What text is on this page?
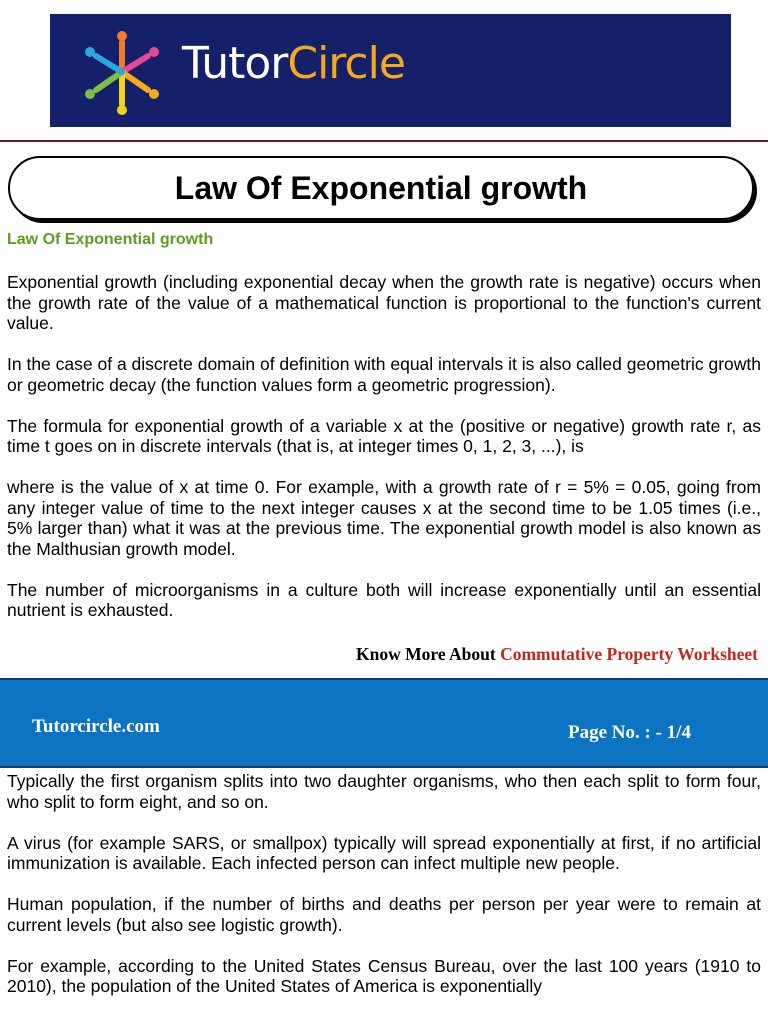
TutorCircle
Law Of Exponential growth
Law Of Exponential growth

Exponential growth (including exponential decay when the growth rate is negative) occurs when the growth rate of the value of a mathematical function is proportional to the function's current value.

In the case of a discrete domain of definition with equal intervals it is also called geometric growth or geometric decay (the function values form a geometric progression).

The formula for exponential growth of a variable x at the (positive or negative) growth rate r, as time t goes on in discrete intervals (that is, at integer times 0, 1, 2, 3, ...), is

where is the value of x at time 0. For example, with a growth rate of r = 5% = 0.05, going from any integer value of time to the next integer causes x at the second time to be 1.05 times (i.e., 5% larger than) what it was at the previous time. The exponential growth model is also known as the Malthusian growth model.

The number of microorganisms in a culture both will increase exponentially until an essential nutrient is exhausted.

Know More About Commutative Property Worksheet
Tutorcircle.com	Page No. : - 1/4

Typically the first organism splits into two daughter organisms, who then each split to form four, who split to form eight, and so on.

A virus (for example SARS, or smallpox) typically will spread exponentially at first, if no artificial immunization is available. Each infected person can infect multiple new people.

Human population, if the number of births and deaths per person per year were to remain at current levels (but also see logistic growth).

For example, according to the United States Census Bureau, over the last 100 years (1910 to 2010), the population of the United States of America is exponentially
